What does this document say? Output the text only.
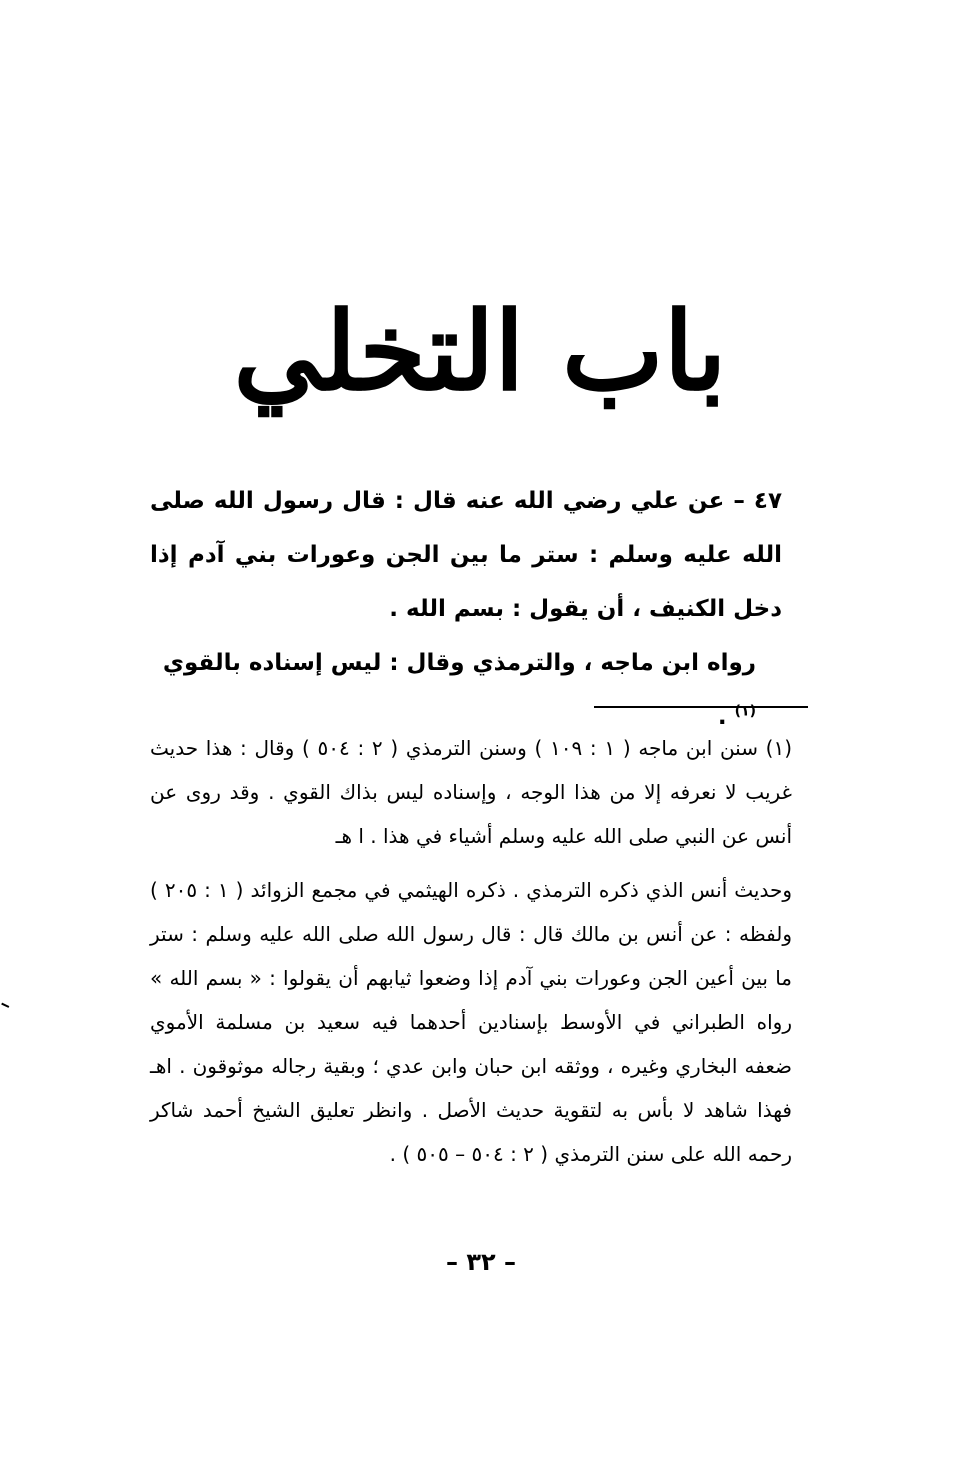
باب التخلي
٤٧ – عن علي رضي الله عنه قال : قال رسول الله صلى الله عليه وسلم : ستر ما بين الجن وعورات بني آدم إذا دخل الكنيف ، أن يقول : بسم الله .
رواه ابن ماجه ، والترمذي وقال : ليس إسناده بالقوي $^{(١)}$ .
(١) سنن ابن ماجه ( ١ : ١٠٩ ) وسنن الترمذي ( ٢ : ٥٠٤ ) وقال : هذا حديث غريب لا نعرفه إلا من هذا الوجه ، وإسناده ليس بذاك القوي . وقد روى عن أنس عن النبي صلى الله عليه وسلم أشياء في هذا . ا هـ
وحديث أنس الذي ذكره الترمذي . ذكره الهيثمي في مجمع الزوائد ( ١ : ٢٠٥ ) ولفظه : عن أنس بن مالك قال : قال رسول الله صلى الله عليه وسلم : ستر ما بين أعين الجن وعورات بني آدم إذا وضعوا ثيابهم أن يقولوا : « بسم الله » رواه الطبراني في الأوسط بإسنادين أحدهما فيه سعيد بن مسلمة الأموي ضعفه البخاري وغيره ، ووثقه ابن حبان وابن عدي ؛ وبقية رجاله موثوقون . اهـ فهذا شاهد لا بأس به لتقوية حديث الأصل . وانظر تعليق الشيخ أحمد شاكر رحمه الله على سنن الترمذي ( ٢ : ٥٠٤ – ٥٠٥ ) .
– ٣٢ –
